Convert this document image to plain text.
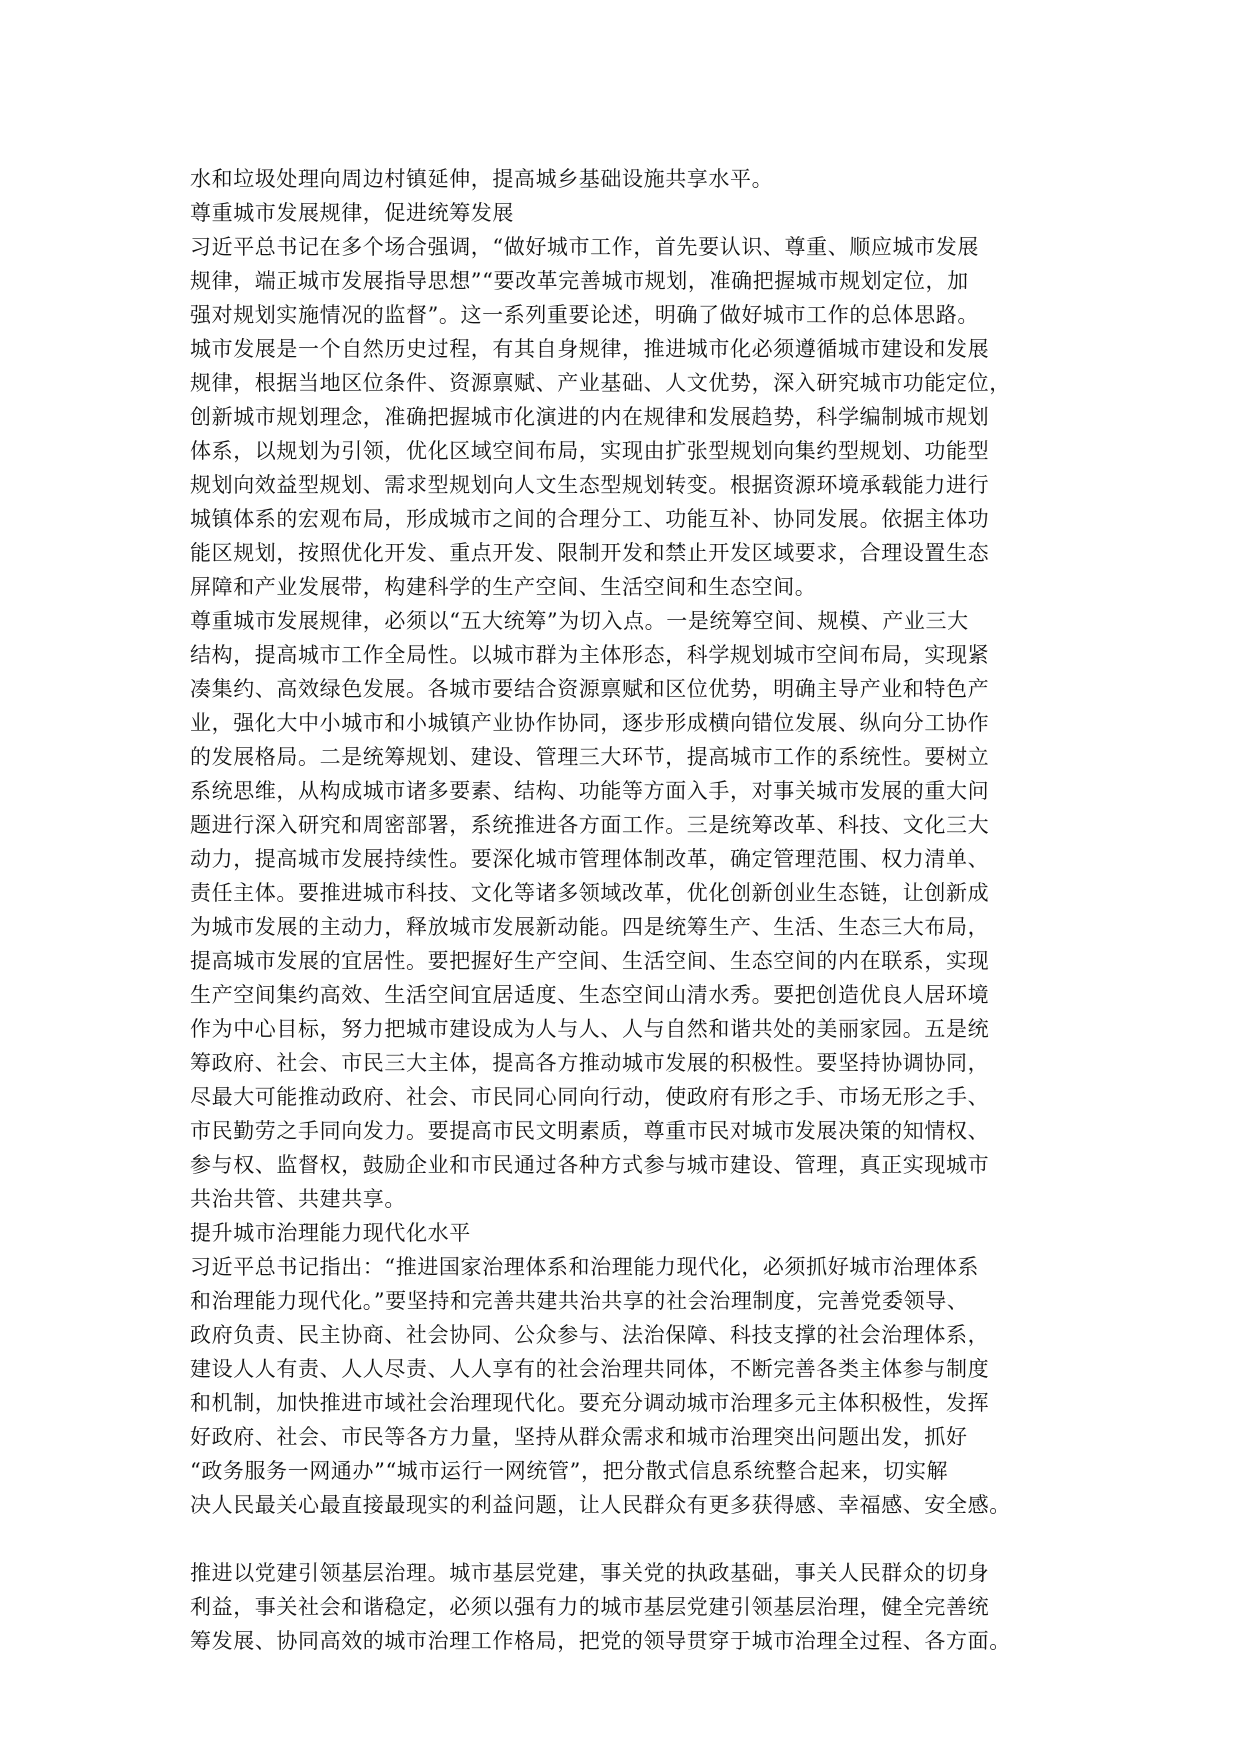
水和垃圾处理向周边村镇延伸，提高城乡基础设施共享水平。
尊重城市发展规律，促进统筹发展
习近平总书记在多个场合强调，“做好城市工作，首先要认识、尊重、顺应城市发展
规律，端正城市发展指导思想”“要改革完善城市规划，准确把握城市规划定位，加
强对规划实施情况的监督”。这一系列重要论述，明确了做好城市工作的总体思路。
城市发展是一个自然历史过程，有其自身规律，推进城市化必须遵循城市建设和发展
规律，根据当地区位条件、资源禀赋、产业基础、人文优势，深入研究城市功能定位，
创新城市规划理念，准确把握城市化演进的内在规律和发展趋势，科学编制城市规划
体系，以规划为引领，优化区域空间布局，实现由扩张型规划向集约型规划、功能型
规划向效益型规划、需求型规划向人文生态型规划转变。根据资源环境承载能力进行
城镇体系的宏观布局，形成城市之间的合理分工、功能互补、协同发展。依据主体功
能区规划，按照优化开发、重点开发、限制开发和禁止开发区域要求，合理设置生态
屏障和产业发展带，构建科学的生产空间、生活空间和生态空间。
尊重城市发展规律，必须以“五大统筹”为切入点。一是统筹空间、规模、产业三大
结构，提高城市工作全局性。以城市群为主体形态，科学规划城市空间布局，实现紧
凑集约、高效绿色发展。各城市要结合资源禀赋和区位优势，明确主导产业和特色产
业，强化大中小城市和小城镇产业协作协同，逐步形成横向错位发展、纵向分工协作
的发展格局。二是统筹规划、建设、管理三大环节，提高城市工作的系统性。要树立
系统思维，从构成城市诸多要素、结构、功能等方面入手，对事关城市发展的重大问
题进行深入研究和周密部署，系统推进各方面工作。三是统筹改革、科技、文化三大
动力，提高城市发展持续性。要深化城市管理体制改革，确定管理范围、权力清单、
责任主体。要推进城市科技、文化等诸多领域改革，优化创新创业生态链，让创新成
为城市发展的主动力，释放城市发展新动能。四是统筹生产、生活、生态三大布局，
提高城市发展的宜居性。要把握好生产空间、生活空间、生态空间的内在联系，实现
生产空间集约高效、生活空间宜居适度、生态空间山清水秀。要把创造优良人居环境
作为中心目标，努力把城市建设成为人与人、人与自然和谐共处的美丽家园。五是统
筹政府、社会、市民三大主体，提高各方推动城市发展的积极性。要坚持协调协同，
尽最大可能推动政府、社会、市民同心同向行动，使政府有形之手、市场无形之手、
市民勤劳之手同向发力。要提高市民文明素质，尊重市民对城市发展决策的知情权、
参与权、监督权，鼓励企业和市民通过各种方式参与城市建设、管理，真正实现城市
共治共管、共建共享。
提升城市治理能力现代化水平
习近平总书记指出：“推进国家治理体系和治理能力现代化，必须抓好城市治理体系
和治理能力现代化。”要坚持和完善共建共治共享的社会治理制度，完善党委领导、
政府负责、民主协商、社会协同、公众参与、法治保障、科技支撑的社会治理体系，
建设人人有责、人人尽责、人人享有的社会治理共同体，不断完善各类主体参与制度
和机制，加快推进市域社会治理现代化。要充分调动城市治理多元主体积极性，发挥
好政府、社会、市民等各方力量，坚持从群众需求和城市治理突出问题出发，抓好
“政务服务一网通办”“城市运行一网统管”，把分散式信息系统整合起来，切实解
决人民最关心最直接最现实的利益问题，让人民群众有更多获得感、幸福感、安全感。
推进以党建引领基层治理。城市基层党建，事关党的执政基础，事关人民群众的切身
利益，事关社会和谐稳定，必须以强有力的城市基层党建引领基层治理，健全完善统
筹发展、协同高效的城市治理工作格局，把党的领导贯穿于城市治理全过程、各方面。
